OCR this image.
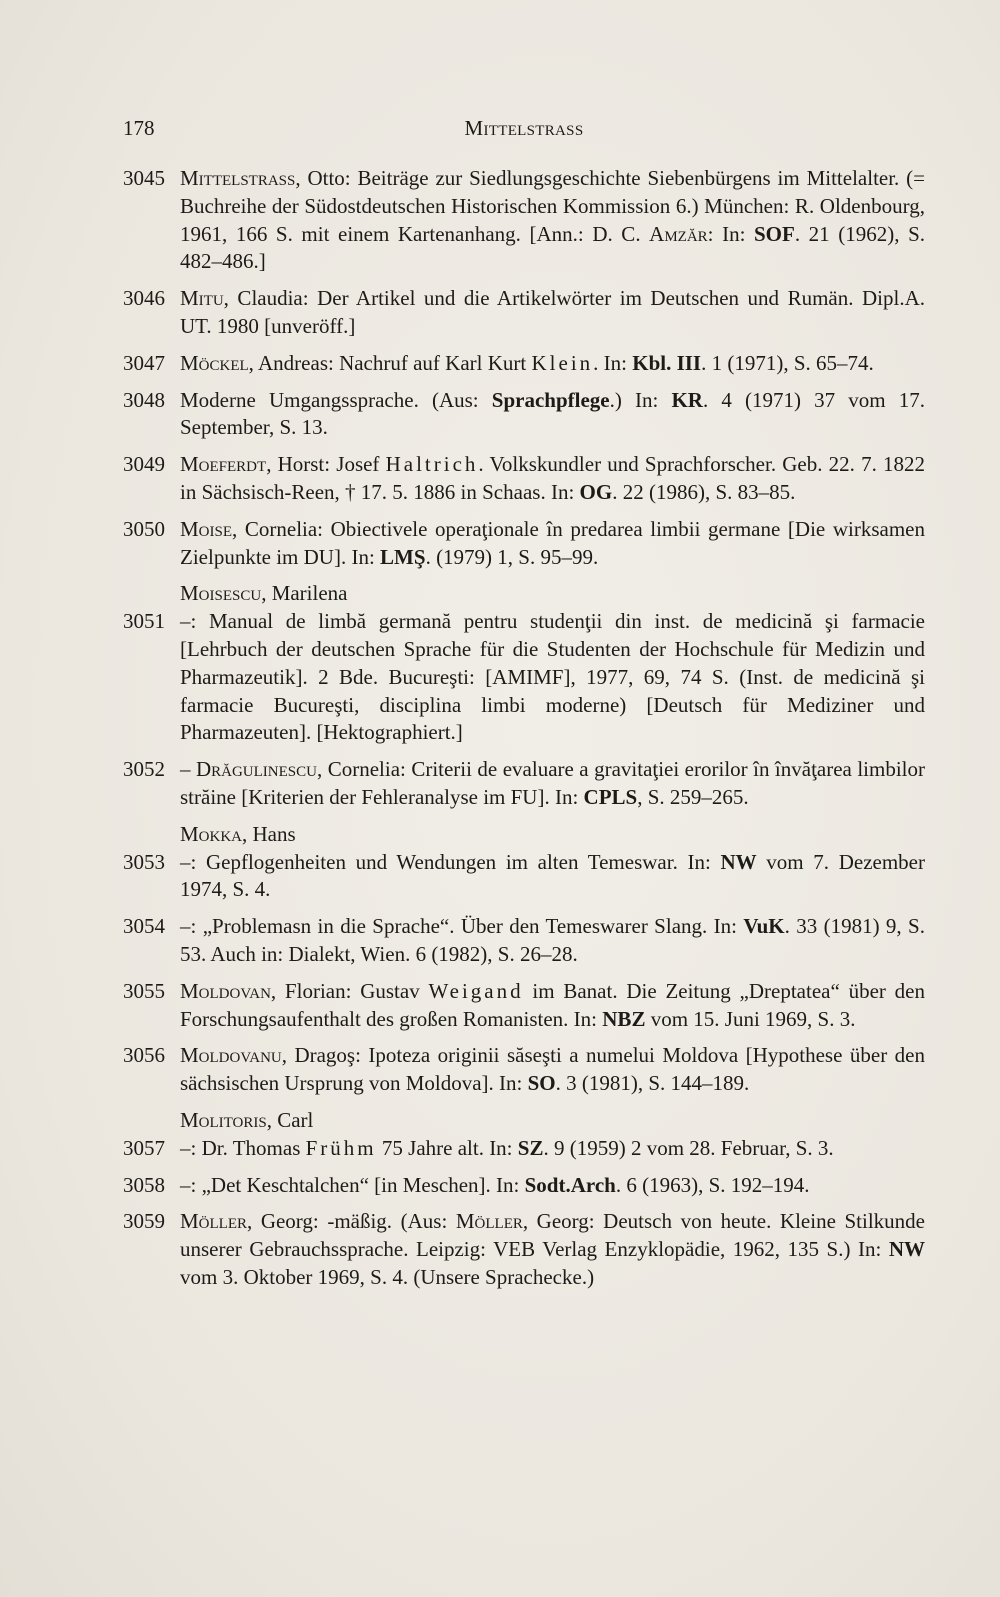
178	Mittelstrass
3045 Mittelstrass, Otto: Beiträge zur Siedlungsgeschichte Siebenbürgens im Mittelalter. (= Buchreihe der Südostdeutschen Historischen Kommission 6.) München: R. Oldenbourg, 1961, 166 S. mit einem Kartenanhang. [Ann.: D. C. Amzăr: In: SOF. 21 (1962), S. 482–486.]
3046 Mitu, Claudia: Der Artikel und die Artikelwörter im Deutschen und Rumän. Dipl.A. UT. 1980 [unveröff.]
3047 Möckel, Andreas: Nachruf auf Karl Kurt Klein. In: Kbl. III. 1 (1971), S. 65–74.
3048 Moderne Umgangssprache. (Aus: Sprachpflege.) In: KR. 4 (1971) 37 vom 17. September, S. 13.
3049 Moeferdt, Horst: Josef Haltrich. Volkskundler und Sprachforscher. Geb. 22. 7. 1822 in Sächsisch-Reen, † 17. 5. 1886 in Schaas. In: OG. 22 (1986), S. 83–85.
3050 Moise, Cornelia: Obiectivele operaţionale în predarea limbii germane [Die wirksamen Zielpunkte im DU]. In: LMŞ. (1979) 1, S. 95–99.
Moisescu, Marilena
3051 –: Manual de limbă germană pentru studenţii din inst. de medicină şi farmacie [Lehrbuch der deutschen Sprache für die Studenten der Hochschule für Medizin und Pharmazeutik]. 2 Bde. Bucureşti: [AMIMF], 1977, 69, 74 S. (Inst. de medicină şi farmacie Bucureşti, disciplina limbi moderne) [Deutsch für Mediziner und Pharmazeuten]. [Hektographiert.]
3052 – Drăgulinescu, Cornelia: Criterii de evaluare a gravitaţiei erorilor în învăţarea limbilor străine [Kriterien der Fehleranalyse im FU]. In: CPLS, S. 259–265.
Mokka, Hans
3053 –: Gepflogenheiten und Wendungen im alten Temeswar. In: NW vom 7. Dezember 1974, S. 4.
3054 –: „Problemasn in die Sprache“. Über den Temeswarer Slang. In: VuK. 33 (1981) 9, S. 53. Auch in: Dialekt, Wien. 6 (1982), S. 26–28.
3055 Moldovan, Florian: Gustav Weigand im Banat. Die Zeitung „Dreptatea“ über den Forschungsaufenthalt des großen Romanisten. In: NBZ vom 15. Juni 1969, S. 3.
3056 Moldovanu, Dragoş: Ipoteza originii săseşti a numelui Moldova [Hypothese über den sächsischen Ursprung von Moldova]. In: SO. 3 (1981), S. 144–189.
Molitoris, Carl
3057 –: Dr. Thomas Frühm 75 Jahre alt. In: SZ. 9 (1959) 2 vom 28. Februar, S. 3.
3058 –: „Det Keschtalchen“ [in Meschen]. In: Sodt.Arch. 6 (1963), S. 192–194.
3059 Möller, Georg: -mäßig. (Aus: Möller, Georg: Deutsch von heute. Kleine Stilkunde unserer Gebrauchssprache. Leipzig: VEB Verlag Enzyklopädie, 1962, 135 S.) In: NW vom 3. Oktober 1969, S. 4. (Unsere Sprachecke.)
